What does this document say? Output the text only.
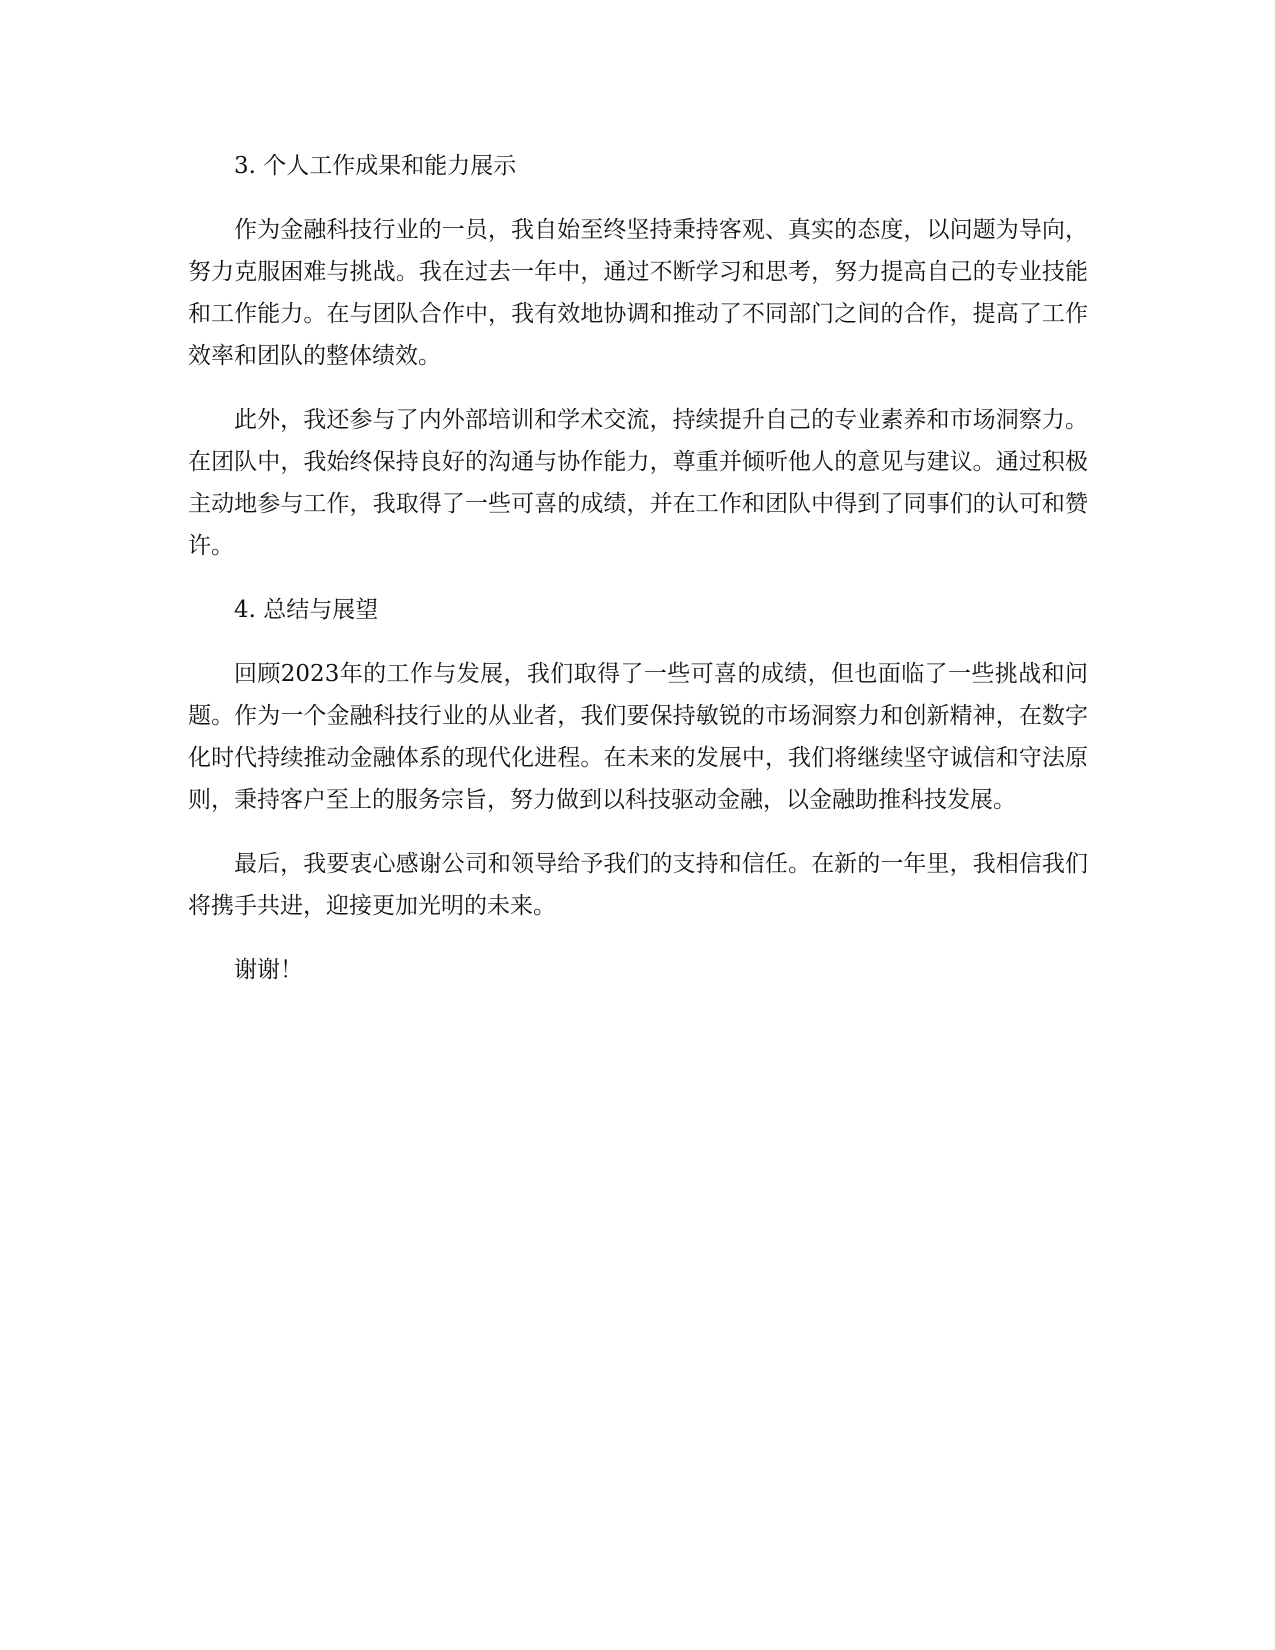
3. 个人工作成果和能力展示

作为金融科技行业的一员，我自始至终坚持秉持客观、真实的态度，以问题为导向，努力克服困难与挑战。我在过去一年中，通过不断学习和思考，努力提高自己的专业技能和工作能力。在与团队合作中，我有效地协调和推动了不同部门之间的合作，提高了工作效率和团队的整体绩效。

此外，我还参与了内外部培训和学术交流，持续提升自己的专业素养和市场洞察力。在团队中，我始终保持良好的沟通与协作能力，尊重并倾听他人的意见与建议。通过积极主动地参与工作，我取得了一些可喜的成绩，并在工作和团队中得到了同事们的认可和赞许。

4. 总结与展望

回顾2023年的工作与发展，我们取得了一些可喜的成绩，但也面临了一些挑战和问题。作为一个金融科技行业的从业者，我们要保持敏锐的市场洞察力和创新精神，在数字化时代持续推动金融体系的现代化进程。在未来的发展中，我们将继续坚守诚信和守法原则，秉持客户至上的服务宗旨，努力做到以科技驱动金融，以金融助推科技发展。

最后，我要衷心感谢公司和领导给予我们的支持和信任。在新的一年里，我相信我们将携手共进，迎接更加光明的未来。

谢谢！
